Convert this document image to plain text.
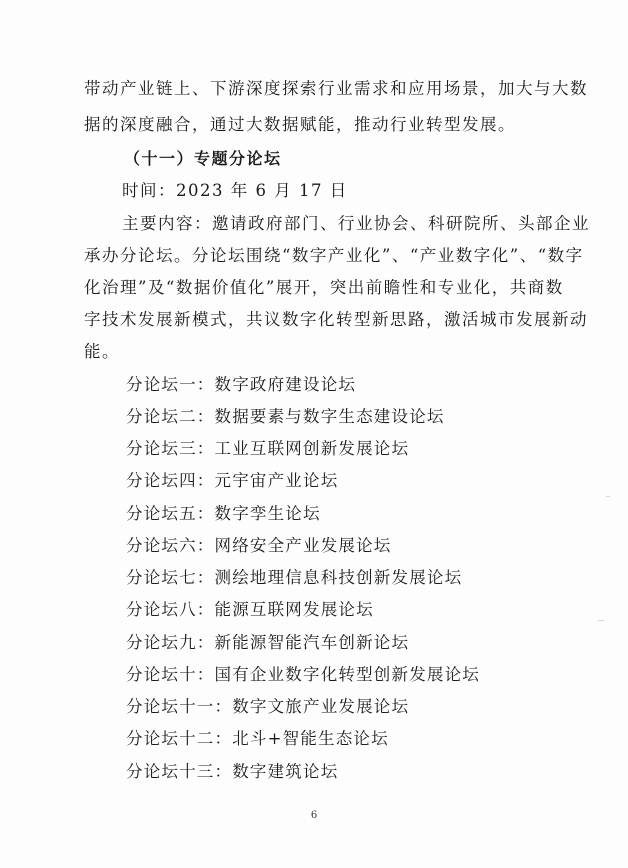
带动产业链上、下游深度探索行业需求和应用场景，加大与大数
据的深度融合，通过大数据赋能，推动行业转型发展。
（十一）专题分论坛
时间：2023 年 6 月 17 日
主要内容：邀请政府部门、行业协会、科研院所、头部企业
承办分论坛。分论坛围绕“数字产业化”、“产业数字化”、“数字
化治理”及“数据价值化”展开，突出前瞻性和专业化，共商数
字技术发展新模式，共议数字化转型新思路，激活城市发展新动
能。
分论坛一：数字政府建设论坛
分论坛二：数据要素与数字生态建设论坛
分论坛三：工业互联网创新发展论坛
分论坛四：元宇宙产业论坛
分论坛五：数字孪生论坛
分论坛六：网络安全产业发展论坛
分论坛七：测绘地理信息科技创新发展论坛
分论坛八：能源互联网发展论坛
分论坛九：新能源智能汽车创新论坛
分论坛十：国有企业数字化转型创新发展论坛
分论坛十一：数字文旅产业发展论坛
分论坛十二：北斗+智能生态论坛
分论坛十三：数字建筑论坛
6
